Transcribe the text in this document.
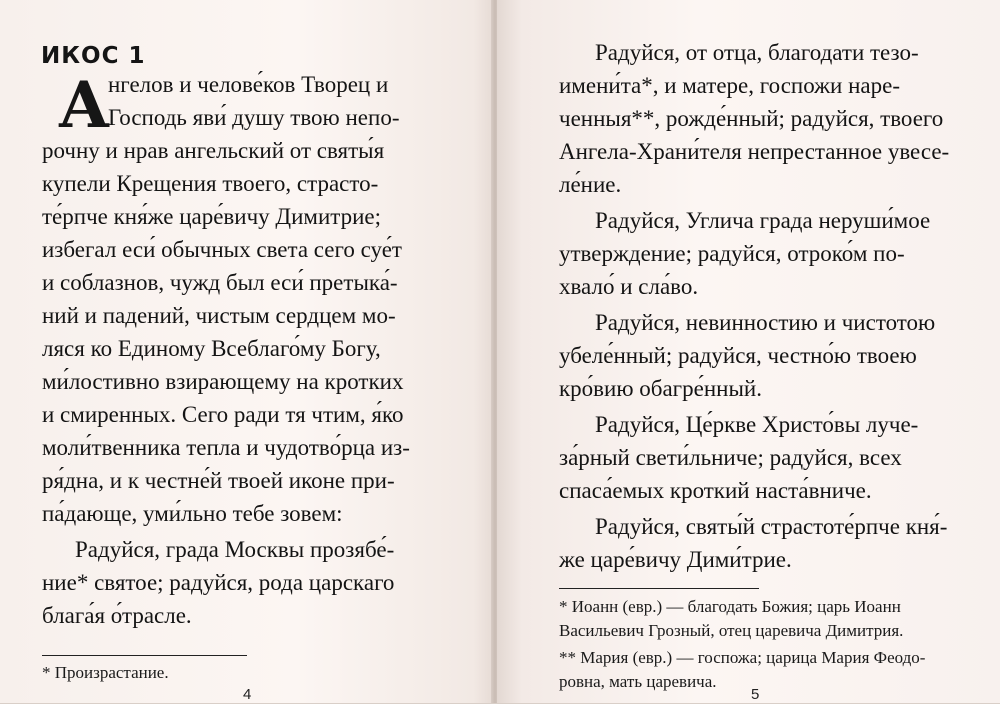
ИКОС 1
А
нгелов и челове́ков Творец и
Господь яви́ душу твою непо-
рочну и нрав ангельский от святы́я
купели Крещения твоего, страсто-
те́рпче кня́же царе́вичу Димитрие;
избегал еси́ обычных света сего суе́т
и соблазнов, чужд был еси́ претыка́-
ний и падений, чистым сердцем мо-
ляся ко Единому Всеблаго́му Богу,
ми́лостивно взирающему на кротких
и смиренных. Сего ради тя чтим, я́ко
моли́твенника тепла и чудотво́рца из-
ря́дна, и к честне́й твоей иконе при-
па́дающе, уми́льно тебе зовем:
Радуйся, града Москвы прозябе́-
ние* святое; радуйся, рода царскаго
блага́я о́трасле.
* Произрастание.
4
Радуйся, от отца, благодати тезо-
имени́та*, и матере, госпожи наре-
ченныя**, рожде́нный; радуйся, твоего
Ангела-Храни́теля непрестанное увесе-
ле́ние.
Радуйся, Углича града неруши́мое
утверждение; радуйся, отроко́м по-
хвало́ и сла́во.
Радуйся, невинностию и чистотою
убеле́нный; радуйся, честно́ю твоею
кро́вию обагре́нный.
Радуйся, Це́ркве Христо́вы луче-
за́рный свети́льниче; радуйся, всех
спаса́емых кроткий наста́вниче.
Радуйся, святы́й страстоте́рпче кня́-
же царе́вичу Дими́трие.
* Иоанн (евр.) — благодать Божия; царь Иоанн
Васильевич Грозный, отец царевича Димитрия.
** Мария (евр.) — госпожа; царица Мария Феодо-
ровна, мать царевича.
5
